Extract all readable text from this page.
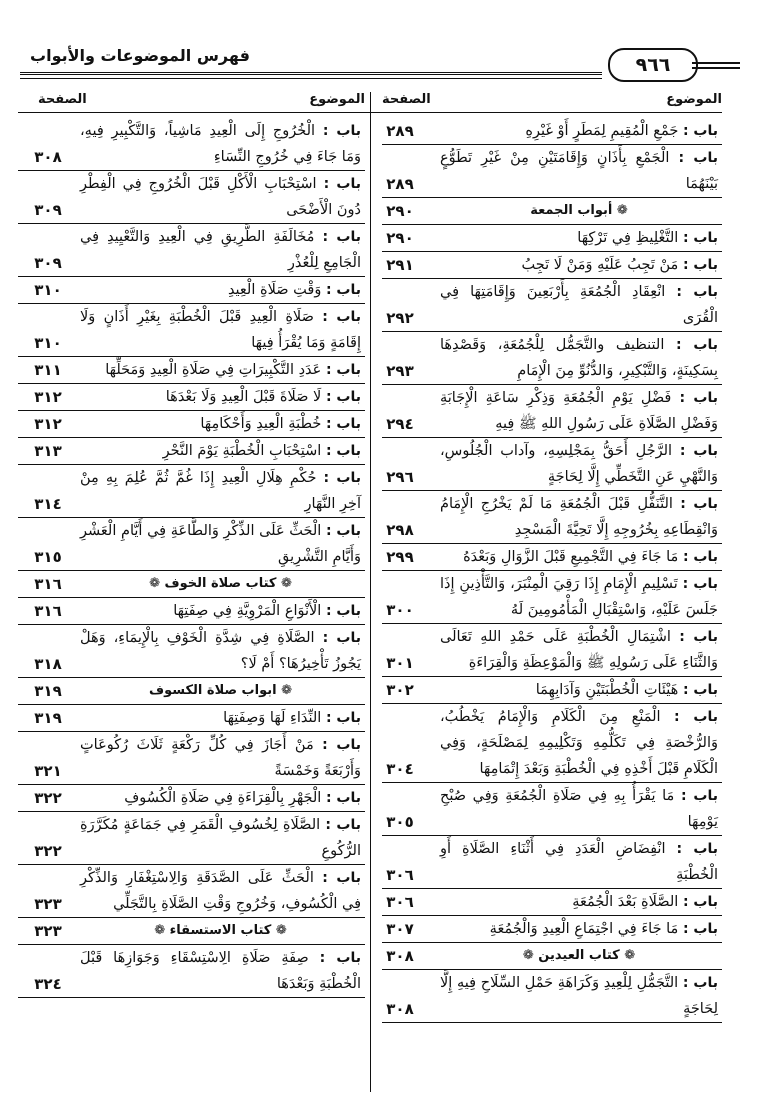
فهرس الموضوعات والأبواب	٩٦٦
الموضوع
الصفحة
الموضوع
الصفحة
باب : جَمْعِ الْمُقِيمِ لِمَطَرٍ أَوْ غَيْرِهِ
٢٨٩
باب : الْجَمْعِ بِأَذَانٍ وَإِقَامَتَيْنِ مِنْ غَيْرِ تَطَوُّعٍ بَيْنَهُمَا
٢٨٩
❁ أبواب الجمعة
٢٩٠
باب : التَّغْلِيظِ فِي تَرْكِهَا
٢٩٠
باب : مَنْ تَجِبُ عَلَيْهِ وَمَنْ لَا تَجِبُ
٢٩١
باب : انْعِقَادِ الْجُمُعَةِ بِأَرْبَعِينَ وَإِقَامَتِهَا فِي الْقُرَى
٢٩٢
باب : التنظيف والتَّجَمُّل لِلْجُمُعَةِ، وَقَصْدِهَا بِسَكِينَةٍ، وَالتَّبْكِيرِ، وَالدُّنُوِّ مِنَ الْإِمَامِ
٢٩٣
باب : فَضْلِ يَوْمِ الْجُمُعَةِ وَذِكْرِ سَاعَةِ الْإِجَابَةِ وَفَضْلِ الصَّلَاةِ عَلَى رَسُولِ اللهِ ﷺ فِيهِ
٢٩٤
باب : الرَّجُلِ أَحَقُّ بِمَجْلِسِهِ، وآداب الْجُلُوسِ، وَالنَّهْيِ عَنِ التَّخَطِّي إِلَّا لِحَاجَةٍ
٢٩٦
باب : التَّنَفُّلِ قَبْلَ الْجُمُعَةِ مَا لَمْ يَخْرُجِ الْإِمَامُ وَانْقِطَاعِهِ بِخُرُوجِهِ إِلَّا تَحِيَّةَ الْمَسْجِدِ
٢٩٨
باب : مَا جَاءَ فِي التَّجْمِيعِ قَبْلَ الزَّوَالِ وَبَعْدَهُ
٢٩٩
باب : تَسْلِيمِ الْإِمَامِ إِذَا رَقِيَ الْمِنْبَرَ، وَالتَّأْذِينِ إِذَا جَلَسَ عَلَيْهِ، وَاسْتِقْبَالِ الْمَأْمُومِينَ لَهُ
٣٠٠
باب : اشْتِمَالِ الْخُطْبَةِ عَلَى حَمْدِ اللهِ تَعَالَى وَالثَّنَاءِ عَلَى رَسُولِهِ ﷺ وَالْمَوْعِظَةِ وَالْقِرَاءَةِ
٣٠١
باب : هَيْئَاتِ الْخُطْبَتَيْنِ وَآدَابِهِمَا
٣٠٢
باب : الْمَنْعِ مِنَ الْكَلَامِ وَالْإِمَامُ يَخْطُبُ، وَالرُّخْصَةِ فِي تَكَلُّمِهِ وَتَكْلِيمِهِ لِمَصْلَحَةٍ، وَفِي الْكَلَامِ قَبْلَ أَخْذِهِ فِي الْخُطْبَةِ وَبَعْدَ إِتْمَامِهَا
٣٠٤
باب : مَا يَقْرَأُ بِهِ فِي صَلَاةِ الْجُمُعَةِ وَفِي صُبْحِ يَوْمِهَا
٣٠٥
باب : انْفِضَاضِ الْعَدَدِ فِي أَثْنَاءِ الصَّلَاةِ أَوِ الْخُطْبَةِ
٣٠٦
باب : الصَّلَاةِ بَعْدَ الْجُمُعَةِ
٣٠٦
باب : مَا جَاءَ فِي اجْتِمَاعِ الْعِيدِ وَالْجُمُعَةِ
٣٠٧
❁ كتاب العيدين ❁
٣٠٨
باب : التَّجَمُّلِ لِلْعِيدِ وَكَرَاهَةِ حَمْلِ السِّلَاحِ فِيهِ إِلَّا لِحَاجَةٍ
٣٠٨
باب : الْخُرُوجِ إِلَى الْعِيدِ مَاشِياً، وَالتَّكْبِيرِ فِيهِ، وَمَا جَاءَ فِي خُرُوجِ النِّسَاءِ
٣٠٨
باب : اسْتِحْبَابِ الْأَكْلِ قَبْلَ الْخُرُوجِ فِي الْفِطْرِ دُونَ الْأَضْحَى
٣٠٩
باب : مُخَالَفَةِ الطَّرِيقِ فِي الْعِيدِ وَالتَّعْيِيدِ فِي الْجَامِعِ لِلْعُذْرِ
٣٠٩
باب : وَقْتِ صَلَاةِ الْعِيدِ
٣١٠
باب : صَلَاةِ الْعِيدِ قَبْلَ الْخُطْبَةِ بِغَيْرِ أَذَانٍ وَلَا إِقَامَةٍ وَمَا يُقْرَأُ فِيهَا
٣١٠
باب : عَدَدِ التَّكْبِيرَاتِ فِي صَلَاةِ الْعِيدِ وَمَحَلِّهَا
٣١١
باب : لَا صَلَاةَ قَبْلَ الْعِيدِ وَلَا بَعْدَهَا
٣١٢
باب : خُطْبَةِ الْعِيدِ وَأَحْكَامِهَا
٣١٢
باب : اسْتِحْبَابِ الْخُطْبَةِ يَوْمَ النَّحْرِ
٣١٣
باب : حُكْمِ هِلَالِ الْعِيدِ إِذَا غُمَّ ثُمَّ عُلِمَ بِهِ مِنْ آخِرِ النَّهَارِ
٣١٤
باب : الْحَثِّ عَلَى الذِّكْرِ وَالطَّاعَةِ فِي أَيَّامِ الْعَشْرِ وَأَيَّامِ التَّشْرِيقِ
٣١٥
❁ كتاب صلاة الخوف ❁
٣١٦
باب : الْأَنْوَاعِ الْمَرْوِيَّةِ فِي صِفَتِهَا
٣١٦
باب : الصَّلَاةِ فِي شِدَّةِ الْخَوْفِ بِالْإِيمَاءِ، وَهَلْ يَجُوزُ تَأْخِيرُهَا؟ أَمْ لَا؟
٣١٨
❁ ابواب صلاة الكسوف
٣١٩
باب : النِّدَاءِ لَهَا وَصِفَتِهَا
٣١٩
باب : مَنْ أَجَازَ فِي كُلِّ رَكْعَةٍ ثَلَاثَ رُكُوعَاتٍ وَأَرْبَعَةً وَخَمْسَةً
٣٢١
باب : الْجَهْرِ بِالْقِرَاءَةِ فِي صَلَاةِ الْكُسُوفِ
٣٢٢
باب : الصَّلَاةِ لِخُسُوفِ الْقَمَرِ فِي جَمَاعَةٍ مُكَرَّرَةِ الرُّكُوعِ
٣٢٢
باب : الْحَثِّ عَلَى الصَّدَقَةِ وَالِاسْتِغْفَارِ وَالذِّكْرِ فِي الْكُسُوفِ، وَخُرُوجِ وَقْتِ الصَّلَاةِ بِالتَّجَلِّي
٣٢٣
❁ كتاب الاستسقاء ❁
٣٢٣
باب : صِفَةِ صَلَاةِ الِاسْتِسْقَاءِ وَجَوَازِهَا قَبْلَ الْخُطْبَةِ وَبَعْدَهَا
٣٢٤
